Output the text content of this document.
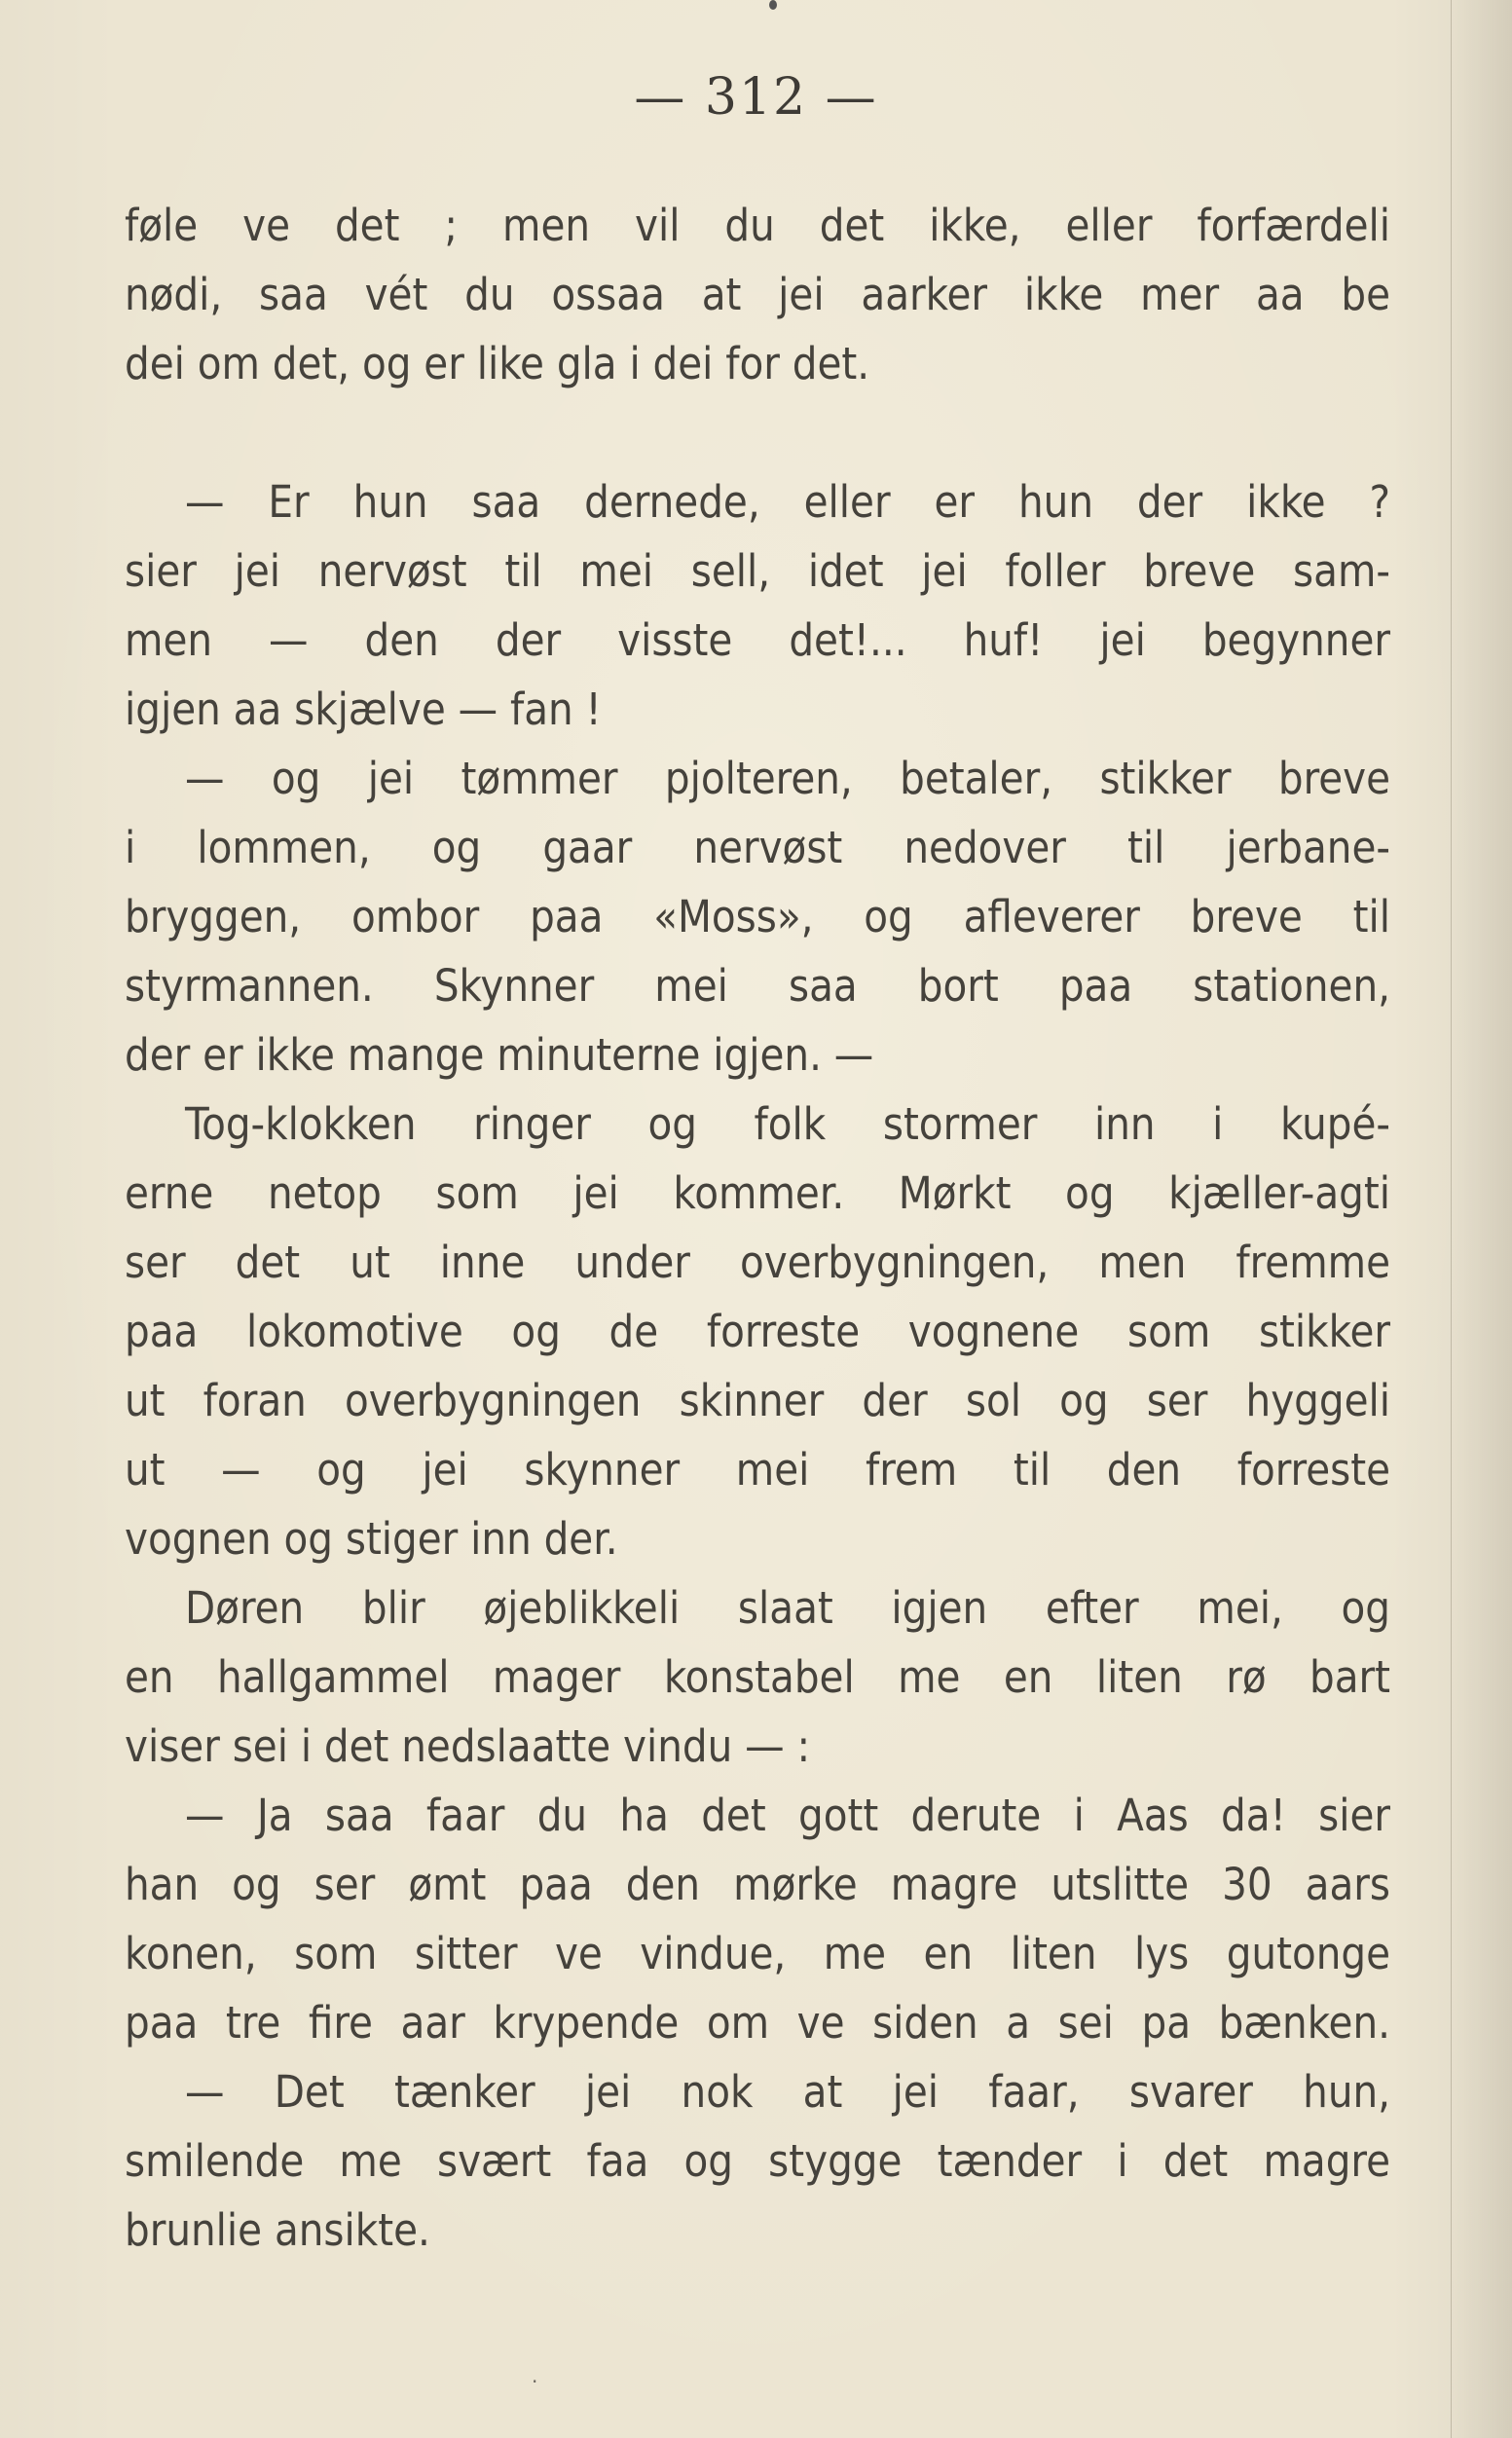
— 312 —
føle ve det ; men vil du det ikke, eller forfærdeli
nødi, saa vét du ossaa at jei aarker ikke mer aa be
dei om det, og er like gla i dei for det.
— Er hun saa dernede, eller er hun der ikke ?
sier jei nervøst til mei sell, idet jei foller breve sam-
men — den der visste det!... huf! jei begynner
igjen aa skjælve — fan !
— og jei tømmer pjolteren, betaler, stikker breve
i lommen, og gaar nervøst nedover til jerbane-
bryggen, ombor paa «Moss», og afleverer breve til
styrmannen. Skynner mei saa bort paa stationen,
der er ikke mange minuterne igjen. —
Tog-klokken ringer og folk stormer inn i kupé-
erne netop som jei kommer. Mørkt og kjæller-agti
ser det ut inne under overbygningen, men fremme
paa lokomotive og de forreste vognene som stikker
ut foran overbygningen skinner der sol og ser hyggeli
ut — og jei skynner mei frem til den forreste
vognen og stiger inn der.
Døren blir øjeblikkeli slaat igjen efter mei, og
en hallgammel mager konstabel me en liten rø bart
viser sei i det nedslaatte vindu — :
— Ja saa faar du ha det gott derute i Aas da! sier
han og ser ømt paa den mørke magre utslitte 30 aars
konen, som sitter ve vindue, me en liten lys gutonge
paa tre fire aar krypende om ve siden a sei pa bænken.
— Det tænker jei nok at jei faar, svarer hun,
smilende me svært faa og stygge tænder i det magre
brunlie ansikte.
·
